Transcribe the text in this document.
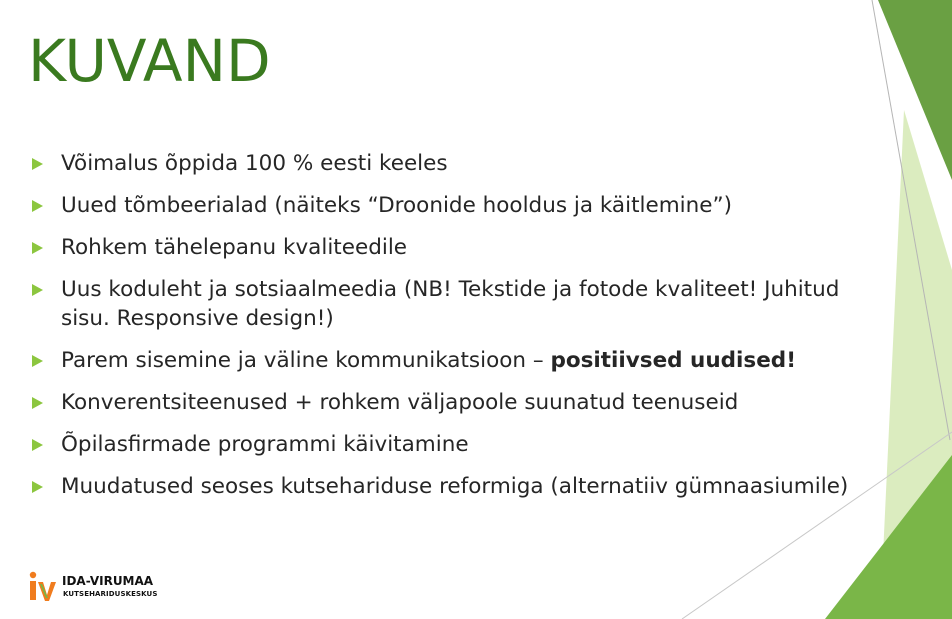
KUVAND
Võimalus õppida 100 % eesti keeles
Uued tõmbeerialad (näiteks “Droonide hooldus ja käitlemine”)
Rohkem tähelepanu kvaliteedile
Uus koduleht ja sotsiaalmeedia (NB! Tekstide ja fotode kvaliteet! Juhitud sisu. Responsive design!)
Parem sisemine ja väline kommunikatsioon – positiivsed uudised!
Konverentsiteenused + rohkem väljapoole suunatud teenuseid
Õpilasfirmade programmi käivitamine
Muudatused seoses kutsehariduse reformiga (alternatiiv gümnaasiumile)
IDA-VIRUMAA
KUTSEHARIDUSKESKUS
